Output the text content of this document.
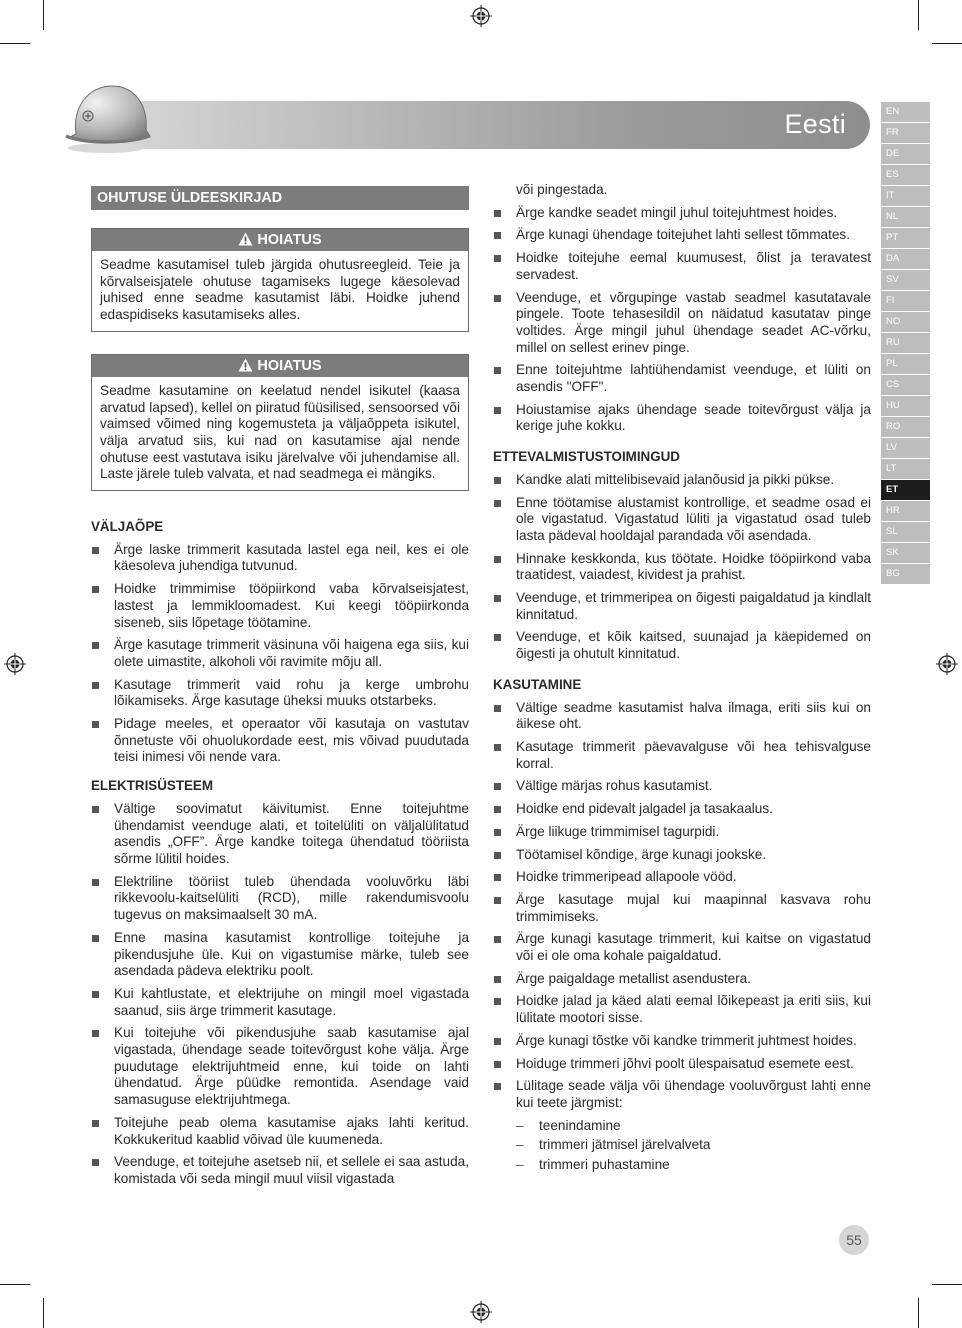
Eesti	EN
FR
DE
ES
IT
NL
PT
DA
SV
FI
NO
RU
PL
CS
HU
RO
LV
LT
ET
HR
SL
SK
BG
OHUTUSE ÜLDEESKIRJAD
HOIATUS
Seadme kasutamisel tuleb järgida ohutusreegleid. Teie ja kõrvalseisjatele ohutuse tagamiseks lugege käesolevad juhised enne seadme kasutamist läbi. Hoidke juhend edaspidiseks kasutamiseks alles.
HOIATUS
Seadme kasutamine on keelatud nendel isikutel (kaasa arvatud lapsed), kellel on piiratud füüsilised, sensoorsed või vaimsed võimed ning kogemusteta ja väljaõppeta isikutel, välja arvatud siis, kui nad on kasutamise ajal nende ohutuse eest vastutava isiku järelvalve või juhendamise all. Laste järele tuleb valvata, et nad seadmega ei mängiks.
VÄLJAÕPE
Ärge laske trimmerit kasutada lastel ega neil, kes ei ole käesoleva juhendiga tutvunud.
Hoidke trimmimise tööpiirkond vaba kõrvalseisjatest, lastest ja lemmikloomadest. Kui keegi tööpiirkonda siseneb, siis lõpetage töötamine.
Ärge kasutage trimmerit väsinuna või haigena ega siis, kui olete uimastite, alkoholi või ravimite mõju all.
Kasutage trimmerit vaid rohu ja kerge umbrohu lõikamiseks. Ärge kasutage üheksi muuks otstarbeks.
Pidage meeles, et operaator või kasutaja on vastutav õnnetuste või ohuolukordade eest, mis võivad puudutada teisi inimesi või nende vara.
ELEKTRISÜSTEEM
Vältige soovimatut käivitumist. Enne toitejuhtme ühendamist veenduge alati, et toitelüliti on väljalülitatud asendis „OFF”. Ärge kandke toitega ühendatud tööriista sõrme lülitil hoides.
Elektriline tööriist tuleb ühendada vooluvõrku läbi rikkevoolu-kaitselüliti (RCD), mille rakendumisvoolu tugevus on maksimaalselt 30 mA.
Enne masina kasutamist kontrollige toitejuhe ja pikendusjuhe üle. Kui on vigastumise märke, tuleb see asendada pädeva elektriku poolt.
Kui kahtlustate, et elektrijuhe on mingil moel vigastada saanud, siis ärge trimmerit kasutage.
Kui toitejuhe või pikendusjuhe saab kasutamise ajal vigastada, ühendage seade toitevõrgust kohe välja. Ärge puudutage elektrijuhtmeid enne, kui toide on lahti ühendatud. Ärge püüdke remontida. Asendage vaid samasuguse elektrijuhtmega.
Toitejuhe peab olema kasutamise ajaks lahti keritud. Kokkukeritud kaablid võivad üle kuumeneda.
Veenduge, et toitejuhe asetseb nii, et sellele ei saa astuda, komistada või seda mingil muul viisil vigastada
või pingestada.
Ärge kandke seadet mingil juhul toitejuhtmest hoides.
Ärge kunagi ühendage toitejuhet lahti sellest tõmmates.
Hoidke toitejuhe eemal kuumusest, õlist ja teravatest servadest.
Veenduge, et võrgupinge vastab seadmel kasutatavale pingele. Toote tehasesildil on näidatud kasutatav pinge voltides. Ärge mingil juhul ühendage seadet AC-võrku, millel on sellest erinev pinge.
Enne toitejuhtme lahtiühendamist veenduge, et lüliti on asendis "OFF".
Hoiustamise ajaks ühendage seade toitevõrgust välja ja kerige juhe kokku.
ETTEVALMISTUSTOIMINGUD
Kandke alati mittelibisevaid jalanõusid ja pikki pükse.
Enne töötamise alustamist kontrollige, et seadme osad ei ole vigastatud. Vigastatud lüliti ja vigastatud osad tuleb lasta pädeval hooldajal parandada või asendada.
Hinnake keskkonda, kus töötate. Hoidke tööpiirkond vaba traatidest, vaiadest, kividest ja prahist.
Veenduge, et trimmeripea on õigesti paigaldatud ja kindlalt kinnitatud.
Veenduge, et kõik kaitsed, suunajad ja käepidemed on õigesti ja ohutult kinnitatud.
KASUTAMINE
Vältige seadme kasutamist halva ilmaga, eriti siis kui on äikese oht.
Kasutage trimmerit päevavalguse või hea tehisvalguse korral.
Vältige märjas rohus kasutamist.
Hoidke end pidevalt jalgadel ja tasakaalus.
Ärge liikuge trimmimisel tagurpidi.
Töötamisel kõndige, ärge kunagi jookske.
Hoidke trimmeripead allapoole vööd.
Ärge kasutage mujal kui maapinnal kasvava rohu trimmimiseks.
Ärge kunagi kasutage trimmerit, kui kaitse on vigastatud või ei ole oma kohale paigaldatud.
Ärge paigaldage metallist asendustera.
Hoidke jalad ja käed alati eemal lõikepeast ja eriti siis, kui lülitate mootori sisse.
Ärge kunagi tõstke või kandke trimmerit juhtmest hoides.
Hoiduge trimmeri jõhvi poolt ülespaisatud esemete eest.
Lülitage seade välja või ühendage vooluvõrgust lahti enne kui teete järgmist:
– teenindamine
– trimmeri jätmisel järelvalveta
– trimmeri puhastamine
55
